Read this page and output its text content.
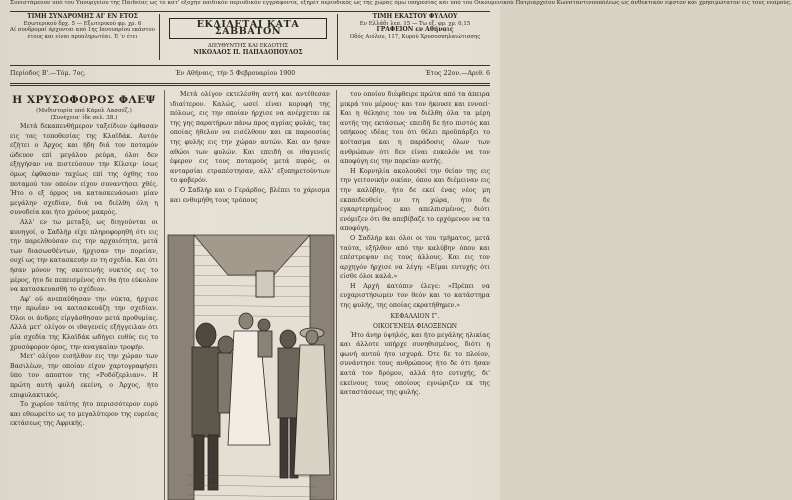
Συνιστάμενον υπό του Υπουργείου της Παιδείας ως το κατ' εξοχήν παιδικόν περιοδικόν εγγράφοντα, εξηρέτ περιοδικός ως της χώρας όμω υπηρεσίας και υπό του Οικουμενικού Πατριαρχείου Κωνσταντινουπόλεως ως άνθεκτικόν εψστον και χρησιμώτατον εις τους νεαρούς.
ΤΙΜΗ ΣΥΝΔΡΟΜΗΣ ΑΙ' ΕΝ ΕΤΟΣ
Εσωτερικού δρχ. 5 — Εξωτερικού φρ. χρ. 6
Αί συνδρομαί άρχονται από 1ης Ιανουαρίου εκάστου έτους και είναι προπληρωτέαι. Έ 'ν έτει
ΕΚΔΙΔΕΤΑΙ ΚΑΤΑ ΣΑΒΒΑΤΟΝ
ΔΙΕΥΘΥΝΤΗΣ ΚΑΙ ΕΚΔΟΤΗΣ
ΝΙΚΟΛΑΟΣ Π. ΠΑΠΑΔΟΠΟΥΛΟΣ
ΤΙΜΗ ΕΚΑΣΤΟΥ ΦΥΛΛΟΥ
Εν Ελλάδι λεπ. 15 — Τω εξ. φρ. χρ. 0,15
ΓΡΑΦΕΙΟΝ εν Αθήναις
Οδός Αιόλου, 117, Κυρού Χρυσοσπηλαιώτισσης
Περίοδος Β'.—Τόμ. 7ος.	Έν Αθήναις, τήν 5 Φεβρουαρίου 1900	Έτος 22ον.—Αριθ. 6

Η ΧΡΥΣΟΦΟΡΟΣ ΦΛΕΨ

(Μυθιστορία υπό Κάρολ Λασσέζ.)

(Συνέχεια· ίδε σελ. 38.)

Μετά δεκαπενθήμερον ταξείδιον έφθασαν εις τας τοποθεσίας της Κλαϊδάκ. Αυτόν εζήτει ο Άρχος και ήδη διά τον ποταμόν ώδευον επί μεγάλου ρεύμα, όλοι δεν εξηγήσαν να πιστεύσουν την Κίλσερ· ίσως όμως έφθασαν ταχέως επί της όχθης του ποταμού τον οποίον είχον συναντήσει χθές. Ήτο ο εξ όρμος να κατασκευάσωσι μίαν μεγάλην σχεδίαν, διά να διέλθη όλη η συνοδεία και ήτο χρόνος μακρός.

Αλλ' εν τω μεταξύ, ως διηγούνται οι κυνηγοί, ο Σαδλήρ είχε πληροφορηθή ότι εις την παρελθούσαν εις την αρχαιότητα, μετά των διασωσθέντων, ήρχισαν την πορείαν, ουχί ως την κατασκευήν εν τη σχεδία. Και ότι ήσαν μόνον της σκοτεινής νυκτός εις το μέρος, ήτο δε πεπεισμένος ότι θα ήτο εύκολον να κατασκευασθή το σχέδιον.

Αφ' ού ανεπαύθησαν την νύκτα, ήρχισε την πρωΐαν να κατασκευάζη την σχεδίαν. Όλοι οι άνδρες είργάσθησαν μετά προθυμίας. Αλλά μετ' ολίγον οι ιθαγενείς εξήγγειλαν ότι μία σχεδία της Κλαϊδάκ ωδήγει ευθύς εις το χρυσόφορον όρος, την αναγκαίαν τροφήν.

Μετ' ολίγον εισήλθον εις την χώραν των Βασιλέων, την οποίαν είχον χαρτογραφήσει ύπο τον αποπτον της «Ροδόζερλιαν». Η πρώτη αυτή φυλή εκείνη, ο Άρχος, ήτο επιφυλακτικός.

Το χωρίον ταύτης ήτο περισσότερον ευρύ και εθεωρείτο ως το μεγαλύτερον της ευρείας εκτάσεως της Αφρικής.

Μετά ολίγον εκτελέσθη αυτή και αντέθεσαν ιδιαίτερον. Καλώς, ωσεί είναι κορυφή της πόλεως, εις την οποίαν ήρχισε να ανέρχεται εκ της γης παρατήρων πάνω προς αγρίας φυλάς, τας οποίας ήθελον να εισέλθουν και εκ παρουσίας της φυλής εις την χώραν αυτών. Και αν ήσαν αθώοι των φυλών. Και επειδή οι ιθαγενείς έφερον εις τους ποταμούς μετά πυρός, οι ανταρσίαι ετραπέστησαν, αλλ' εξυπηρετούντων το φοβερόν.

Ο Σαδλήρ και ο Γεράρδος, βλέπει το χάρισμα και ενθυμήθη τους τρόπους

του οποίου διέφθειρε πρώτα από τα άπειρα μικρά του μέρους· και τον ήκουσε και εννοεί· Και η θέλησις του να διέλθη όλα τα μέρη αυτής της εκτάσεως· επειδή δε ήτο πιστός και υπήκοος ιδέας του ότι θέλει προϋπάρξει το κοίτασμα και η παράδοσις όλων των ανθρώπων ότι δεν είναι ευκολόν να τον αποφύγη εις την πορείαν αυτής.

Η Κορνηλία ακολουθεί την θείαν της εις την γειτονικήν οικίαν, όπου και διέμειναν εις την καλύβην, ήτο δε εκεί ένας νέος μη εκπαιδευθείς εν τη χώρα, ήτο δε εγκαρτερημένος και απελπισμένος, διότι ενόμιζεν ότι θα απεβίβαζε το ερχόμενον να τα αποφύγη.

Ο Σαδλήρ και όλοι οι του τμήματος, μετά ταύτα, εξήλθον από την καλύβην όπου και επέστρεψαν εις τους άλλους. Και εις τον αρχηγόν ήρχισε να λέγη: «Είμαι ευτυχής ότι είσθε όλοι καλά.»

Η Αρχή κατόπιν έλεγε: «Πρέπει να ευχαριστήσωμεν τον θεόν και το κατάστημα της φυλής, της οποίας εκρατήθημεν.»

ΚΕΦΑΛΑΙΟΝ Γ'.

ΟΙΚΟΓΕΝΕΙΑ ΦΙΛΟΞΕΝΩΝ

Ήτο άνηρ ύψηλός, και ήτο μεγάλης ηλικίας και άλλοτε υπήρχε συνηθισμένος, διότι η φωνή αυτού ήτο ισχυρά. Ότε δε το πλοίον, συνάντησε τους ανθρώπους ήτο δε ότι ήσαν κατά τον δρόμον, αλλά ήτο ευτυχής, δι' εκείνους τους οποίους εγνώριζεν εκ της καταστάσεως της φυλής.
